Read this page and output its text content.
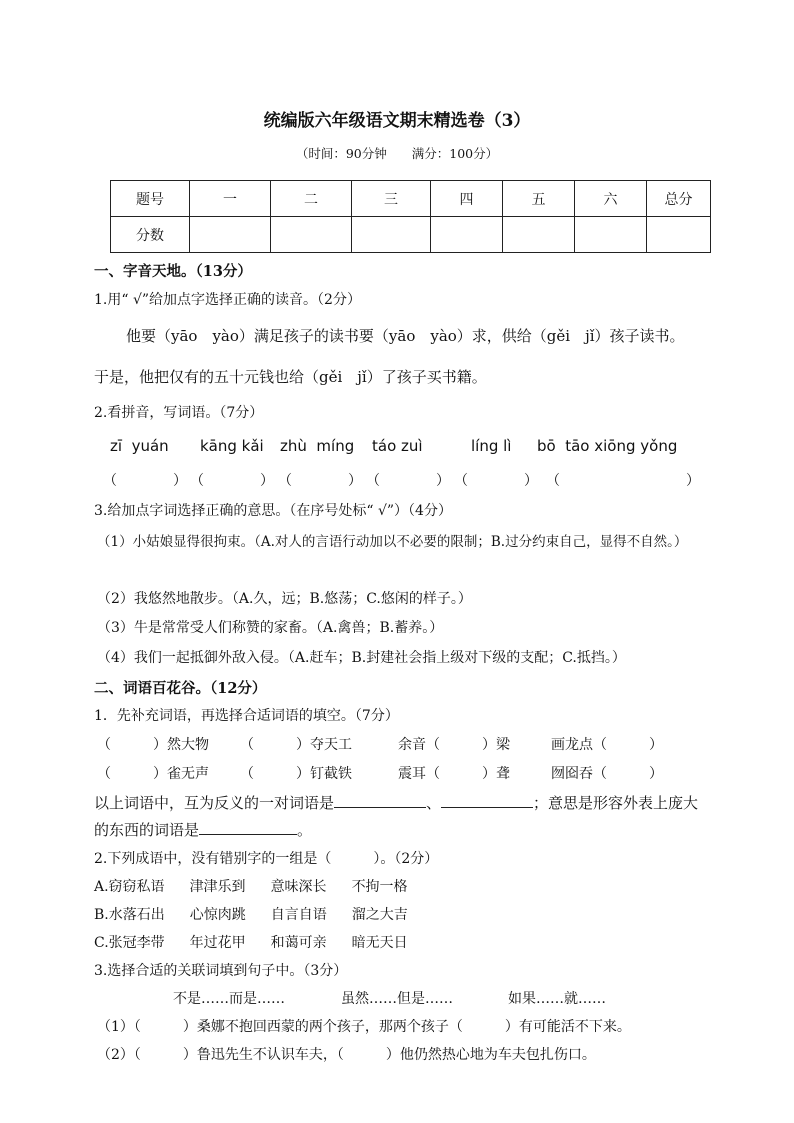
统编版六年级语文期末精选卷（3）
（时间：90分钟　　满分：100分）
题号	一	二	三	四	五	六	总分
分数							
一、字音天地。（13分）
1.用“ √”给加点字选择正确的读音。（2分）
他要（yāo　yào）满足孩子的读书要（yāo　yào）求，供给（gěi　jǐ）孩子读书。
于是，他把仅有的五十元钱也给（gěi　jǐ）了孩子买书籍。
2.看拼音，写词语。（7分）
zī  yuán kāng kǎi zhù  míng táo zuì	líng lì bō  tāo xiōng yǒng
（　　　　） （　　　　） （　　　　） （　　　　） （　　　　） （　　　　　　　　　）
3.给加点字词选择正确的意思。（在序号处标“ √”）（4分）
（1）小姑娘显得很拘束。（A.对人的言语行动加以不必要的限制；B.过分约束自己，显得不自然。）
（2）我悠然地散步。（A.久，远；B.悠荡；C.悠闲的样子。）
（3）牛是常常受人们称赞的家畜。（A.禽兽；B.蓄养。）
（4）我们一起抵御外敌入侵。（A.赶车；B.封建社会指上级对下级的支配；C.抵挡。）
二、词语百花谷。（12分）
1．先补充词语，再选择合适词语的填空。（7分）
（　　　）然大物 （　　　）夺天工	余音（　　　）梁	画龙点（　　　）
（　　　）雀无声 （　　　）钉截铁	震耳（　　　）聋	囫囵吞（　　　）
以上词语中，互为反义的一对词语是	、	；意思是形容外表上庞大
的东西的词语是	。
2.下列成语中，没有错别字的一组是（　　　）。（2分）
A.窃窃私语 津津乐到 意味深长 不拘一格
B.水落石出 心惊肉跳 自言自语 溜之大吉
C.张冠李带 年过花甲 和蔼可亲 暗无天日
3.选择合适的关联词填到句子中。（3分）
不是……而是……	虽然……但是……	如果……就……
（1）（　　　）桑娜不抱回西蒙的两个孩子，那两个孩子（　　　）有可能活不下来。
（2）（　　　）鲁迅先生不认识车夫，（　　　）他仍然热心地为车夫包扎伤口。
